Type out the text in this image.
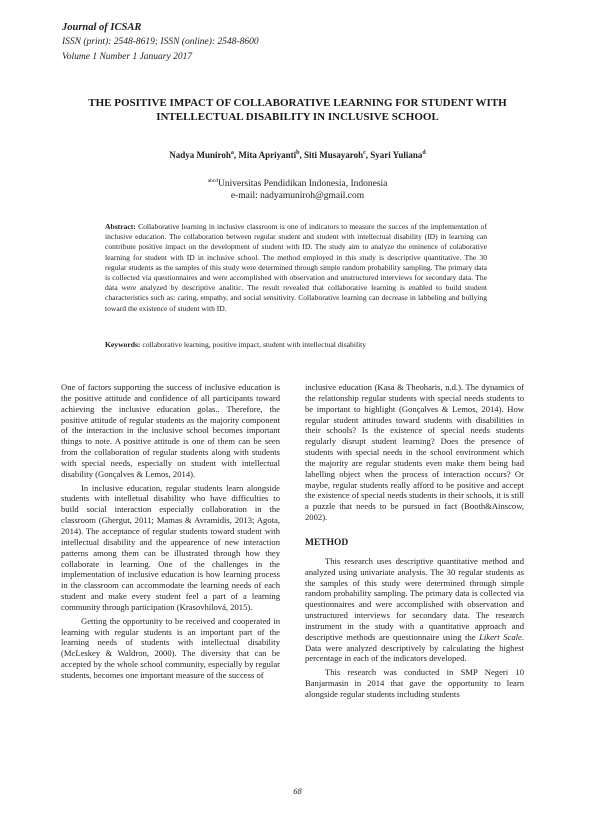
Journal of ICSAR
ISSN (print): 2548-8619; ISSN (online): 2548-8600
Volume 1 Number 1 January 2017
THE POSITIVE IMPACT OF COLLABORATIVE LEARNING FOR STUDENT WITH
INTELLECTUAL DISABILITY IN INCLUSIVE SCHOOL
Nadya Muniroh$^a$, Mita Apriyanti$^b$, Siti Musayaroh$^c$, Syari Yuliana$^d$
$^{abcd}$Universitas Pendidikan Indonesia, Indonesia
e-mail: nadyamuniroh@gmail.com
Abstract: Collaborative learning in inclusive classroom is one of indicators to measure the succes of the implementation of inclusive education. The collaboration between regular student and student with intellectual disability (ID) in learning can contribute positive impact on the development of student with ID. The study aim to analyze the eminence of colaborative learning for student with ID in inclusive school. The method employed in this study is descriptive quantitative. The 30 regular students as the samples of this study were determined through simple random probability sampling. The primary data is collected via questionnaires and were accomplished with observation and unstructured interviews for secondary data. The data were analyzed by descriptive analitic. The result revealed that collaborative learning is enabled to build student characteristics such as: caring, empathy, and social sensitivity. Collaborative learning can decrease in labbeling and bullying toward the existence of student with ID.
Keywords: collaborative learning, positive impact, student with intellectual disability

One of factors supporting the success of inclusive education is the positive attitude and confidence of all participants toward achieving the inclusive education golas.. Therefore, the positive attitude of regular students as the majority component of the interaction in the inclusive school becomes important things to note. A positive attitude is one of them can be seen from the collaboration of regular students along with students with special needs, especially on student with intellectual disability (Gonçalves & Lemos, 2014).

In inclusive education, regular students learn alongside students with intelletual disability who have difficulties to build social interaction especially collaboration in the classroom (Ghergut, 2011; Mamas & Avramidis, 2013; Agota, 2014). The acceptance of regular students toward student with intellectual disability and the appearence of new interaction patterns among them can be illustrated through how they collaborate in learning. One of the challenges in the implementation of inclusive education is how learning process in the classroom can accommodate the learning needs of each student and make every student feel a part of a learning community through participation (Krasovhilová, 2015).

Getting the opportunity to be received and cooperated in learning with regular students is an important part of the learning needs of students with intellectual disability (McLeskey & Waldron, 2000). The diversity that can be accepted by the whole school community, especially by regular students, becomes one important measure of the success of

inclusive education (Kasa & Theoharis, n.d.). The dynamics of the relationship regular students with special needs students to be important to highlight (Gonçalves & Lemos, 2014). How regular student attitudes toward students with disabilities in their schools? Is the existence of special needs students regularly disrupt student learning? Does the presence of students with special needs in the school environment which the majority are regular students even make them being bad labelling object when the process of interaction occurs? Or maybe, regular students really afford to be positive and accept the existence of special needs students in their schools, it is still a puzzle that needs to be pursued in fact (Booth&Ainscow, 2002).

METHOD

This research uses descriptive quantitative method and analyzed using univariate analysis. The 30 regular students as the samples of this study were determined through simple random probability sampling. The primary data is collected via questionnaires and were accomplished with observation and unstructured interviews for secondary data. The research instrument in the study with a quantitative approach and descriptive methods are questionnaire using the Likert Scale. Data were analyzed descriptively by calculating the highest percentage in each of the indicators developed.

This research was conducted in SMP Negeri 10 Banjarmasin in 2014 that gave the opportunity to learn alongside regular students including students

68
